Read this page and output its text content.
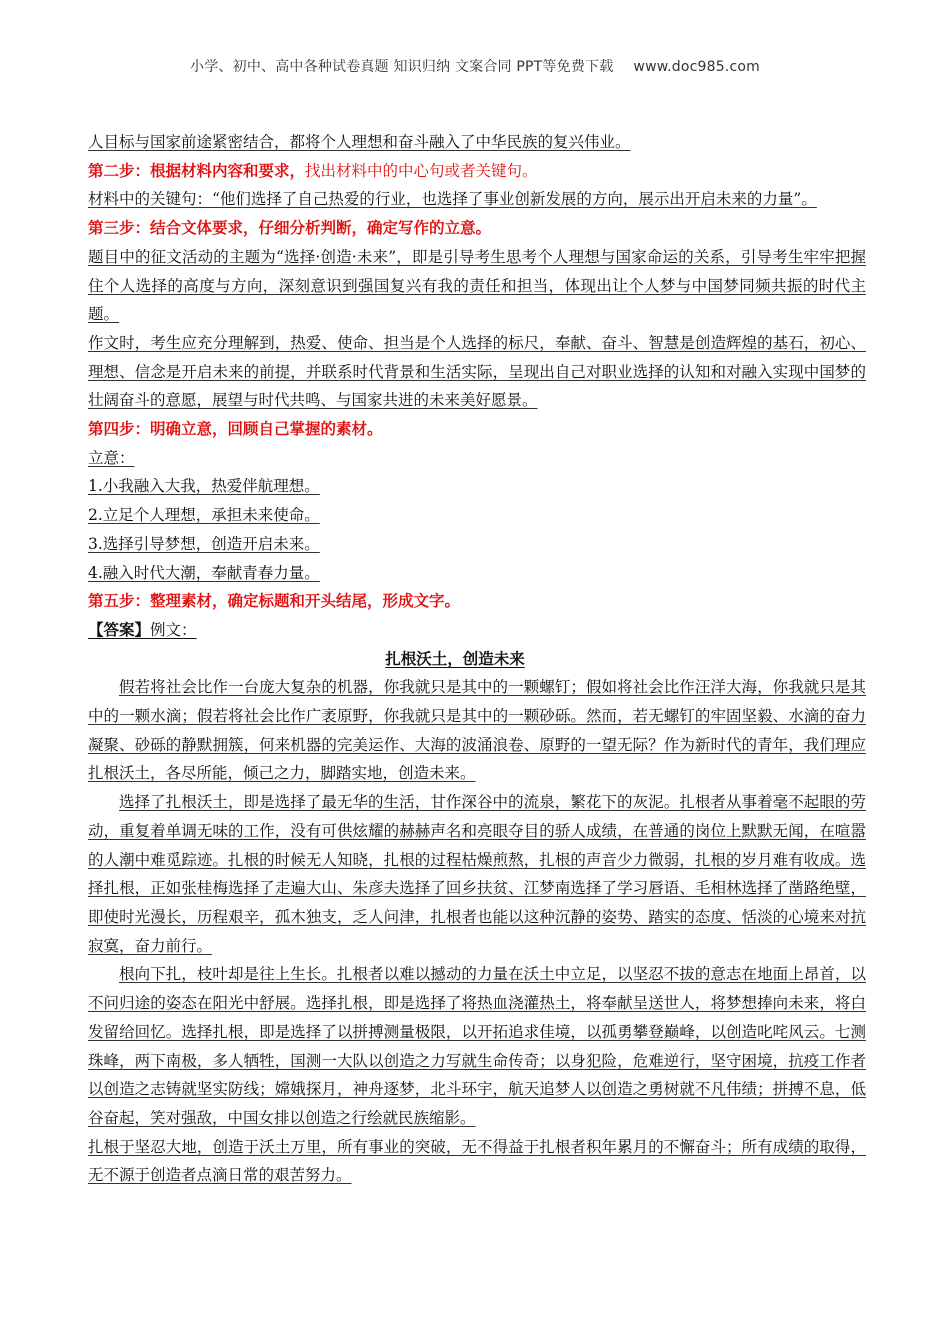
小学、初中、高中各种试卷真题 知识归纳 文案合同 PPT等免费下载 www.doc985.com

人目标与国家前途紧密结合，都将个人理想和奋斗融入了中华民族的复兴伟业。

第二步：根据材料内容和要求，找出材料中的中心句或者关键句。

材料中的关键句：“他们选择了自己热爱的行业，也选择了事业创新发展的方向，展示出开启未来的力量”。

第三步：结合文体要求，仔细分析判断，确定写作的立意。

题目中的征文活动的主题为“选择·创造·未来”，即是引导考生思考个人理想与国家命运的关系，引导考生牢牢把握住个人选择的高度与方向，深刻意识到强国复兴有我的责任和担当，体现出让个人梦与中国梦同频共振的时代主题。

作文时，考生应充分理解到，热爱、使命、担当是个人选择的标尺，奉献、奋斗、智慧是创造辉煌的基石，初心、理想、信念是开启未来的前提，并联系时代背景和生活实际，呈现出自己对职业选择的认知和对融入实现中国梦的壮阔奋斗的意愿，展望与时代共鸣、与国家共进的未来美好愿景。

第四步：明确立意，回顾自己掌握的素材。

立意：

1.小我融入大我，热爱伴航理想。

2.立足个人理想，承担未来使命。

3.选择引导梦想，创造开启未来。

4.融入时代大潮，奉献青春力量。

第五步：整理素材，确定标题和开头结尾，形成文字。

【答案】例文：

扎根沃土，创造未来

假若将社会比作一台庞大复杂的机器，你我就只是其中的一颗螺钉；假如将社会比作汪洋大海，你我就只是其中的一颗水滴；假若将社会比作广袤原野，你我就只是其中的一颗砂砾。然而，若无螺钉的牢固坚毅、水滴的奋力凝聚、砂砾的静默拥簇，何来机器的完美运作、大海的波涌浪卷、原野的一望无际？作为新时代的青年，我们理应扎根沃土，各尽所能，倾己之力，脚踏实地，创造未来。

选择了扎根沃土，即是选择了最无华的生活，甘作深谷中的流泉，繁花下的灰泥。扎根者从事着毫不起眼的劳动，重复着单调无味的工作，没有可供炫耀的赫赫声名和亮眼夺目的骄人成绩，在普通的岗位上默默无闻，在喧嚣的人潮中难觅踪迹。扎根的时候无人知晓，扎根的过程枯燥煎熬，扎根的声音少力微弱，扎根的岁月难有收成。选择扎根，正如张桂梅选择了走遍大山、朱彦夫选择了回乡扶贫、江梦南选择了学习唇语、毛相林选择了凿路绝壁，即使时光漫长，历程艰辛，孤木独支，乏人问津，扎根者也能以这种沉静的姿势、踏实的态度、恬淡的心境来对抗寂寞，奋力前行。

根向下扎，枝叶却是往上生长。扎根者以难以撼动的力量在沃土中立足，以坚忍不拔的意志在地面上昂首，以不问归途的姿态在阳光中舒展。选择扎根，即是选择了将热血浇灌热土，将奉献呈送世人，将梦想捧向未来，将白发留给回忆。选择扎根，即是选择了以拼搏测量极限，以开拓追求佳境，以孤勇攀登巅峰，以创造叱咤风云。七测珠峰，两下南极，多人牺牲，国测一大队以创造之力写就生命传奇；以身犯险，危难逆行，坚守困境，抗疫工作者以创造之志铸就坚实防线；嫦娥探月，神舟逐梦，北斗环宇，航天追梦人以创造之勇树就不凡伟绩；拼搏不息，低谷奋起，笑对强敌，中国女排以创造之行绘就民族缩影。

扎根于坚忍大地，创造于沃土万里，所有事业的突破，无不得益于扎根者积年累月的不懈奋斗；所有成绩的取得，无不源于创造者点滴日常的艰苦努力。
